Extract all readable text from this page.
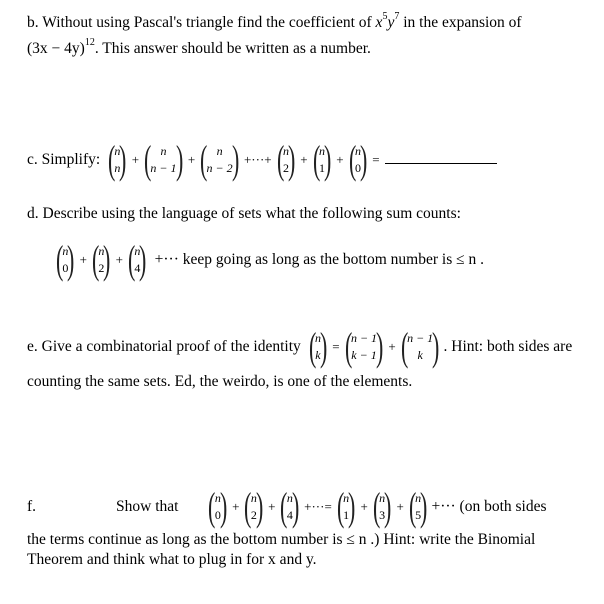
b. Without using Pascal's triangle find the coefficient of
$x^5$ $y^7$
in the expansion of
$(3x - 4y)^{12}$ . This answer should be written as a number.
c. Simplify:
(
n
n
) + ( n
n − 1
) + ( n
n − 2
) +···+ (
n
2
) + (
n
1
) + (
n
0
) =
d. Describe using the language of sets what the following sum counts:
(
n
0
) + (
n
2
) + (
n
4
) +··· keep going as long as the bottom number is ≤ n .
e. Give a combinatorial proof of the identity
(
n
k ) = (
n − 1
k − 1 ) + (
n − 1
k ) . Hint: both sides are
counting the same sets. Ed, the weirdo, is one of the elements.
f.	Show that (
n
0
) + (
n
2
) + (
n
4
) +···= (
n
1
) + (
n
3
) + (
n
5
) +··· (on both sides
the terms continue as long as the bottom number is ≤ n .) Hint: write the Binomial
Theorem and think what to plug in for x and y.
